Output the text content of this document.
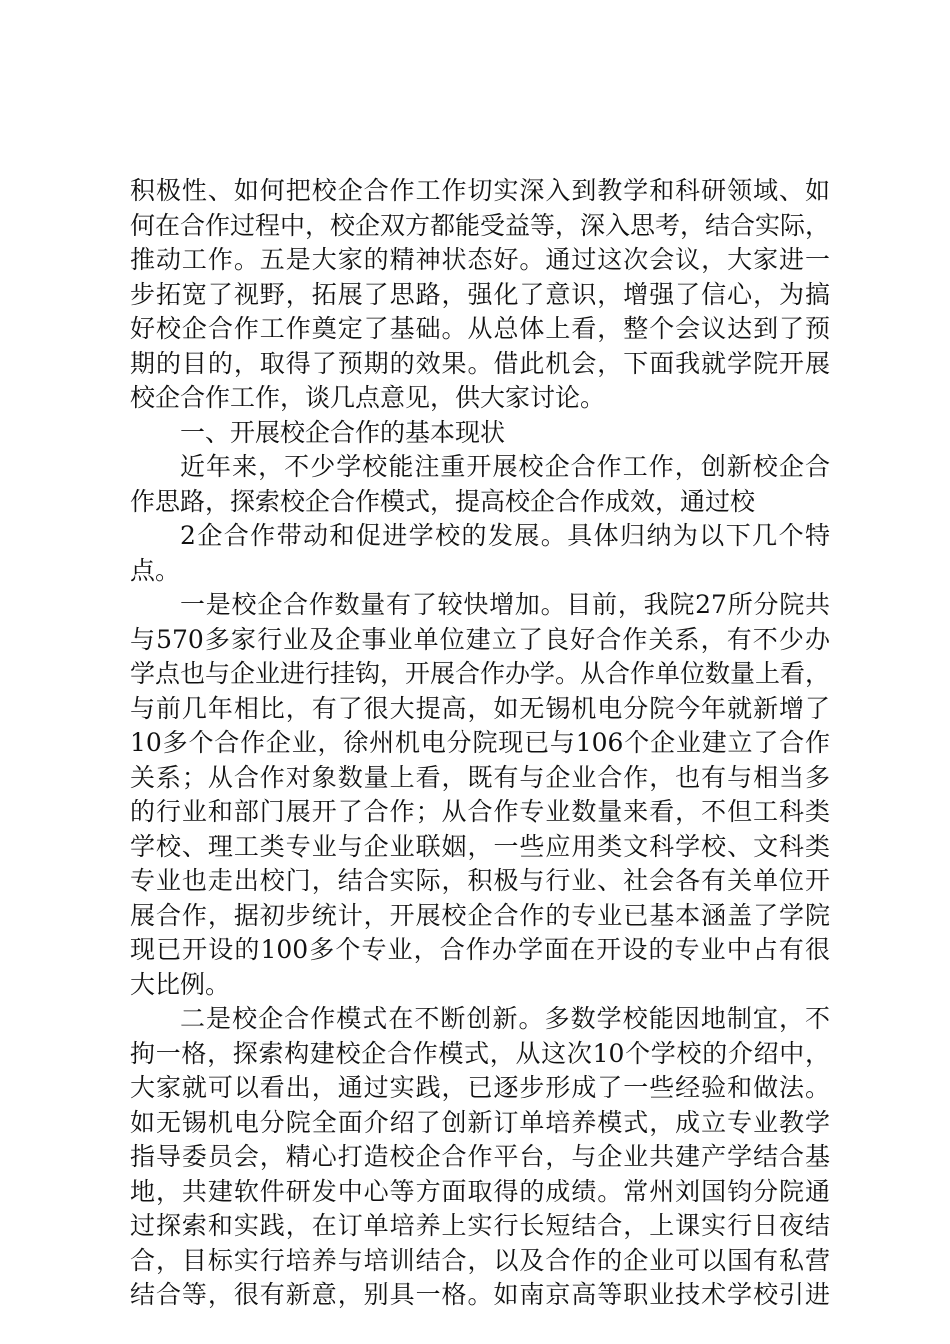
积极性、如何把校企合作工作切实深入到教学和科研领域、如
何在合作过程中，校企双方都能受益等，深入思考，结合实际，
推动工作。五是大家的精神状态好。通过这次会议，大家进一
步拓宽了视野，拓展了思路，强化了意识，增强了信心，为搞
好校企合作工作奠定了基础。从总体上看，整个会议达到了预
期的目的，取得了预期的效果。借此机会，下面我就学院开展
校企合作工作，谈几点意见，供大家讨论。
一、开展校企合作的基本现状
近年来，不少学校能注重开展校企合作工作，创新校企合
作思路，探索校企合作模式，提高校企合作成效，通过校
2企合作带动和促进学校的发展。具体归纳为以下几个特
点。
一是校企合作数量有了较快增加。目前，我院27所分院共
与570多家行业及企事业单位建立了良好合作关系，有不少办
学点也与企业进行挂钩，开展合作办学。从合作单位数量上看，
与前几年相比，有了很大提高，如无锡机电分院今年就新增了
10多个合作企业，徐州机电分院现已与106个企业建立了合作
关系；从合作对象数量上看，既有与企业合作，也有与相当多
的行业和部门展开了合作；从合作专业数量来看，不但工科类
学校、理工类专业与企业联姻，一些应用类文科学校、文科类
专业也走出校门，结合实际，积极与行业、社会各有关单位开
展合作，据初步统计，开展校企合作的专业已基本涵盖了学院
现已开设的100多个专业，合作办学面在开设的专业中占有很
大比例。
二是校企合作模式在不断创新。多数学校能因地制宜，不
拘一格，探索构建校企合作模式，从这次10个学校的介绍中，
大家就可以看出，通过实践，已逐步形成了一些经验和做法。
如无锡机电分院全面介绍了创新订单培养模式，成立专业教学
指导委员会，精心打造校企合作平台，与企业共建产学结合基
地，共建软件研发中心等方面取得的成绩。常州刘国钧分院通
过探索和实践，在订单培养上实行长短结合，上课实行日夜结
合，目标实行培养与培训结合，以及合作的企业可以国有私营
结合等，很有新意，别具一格。如南京高等职业技术学校引进
